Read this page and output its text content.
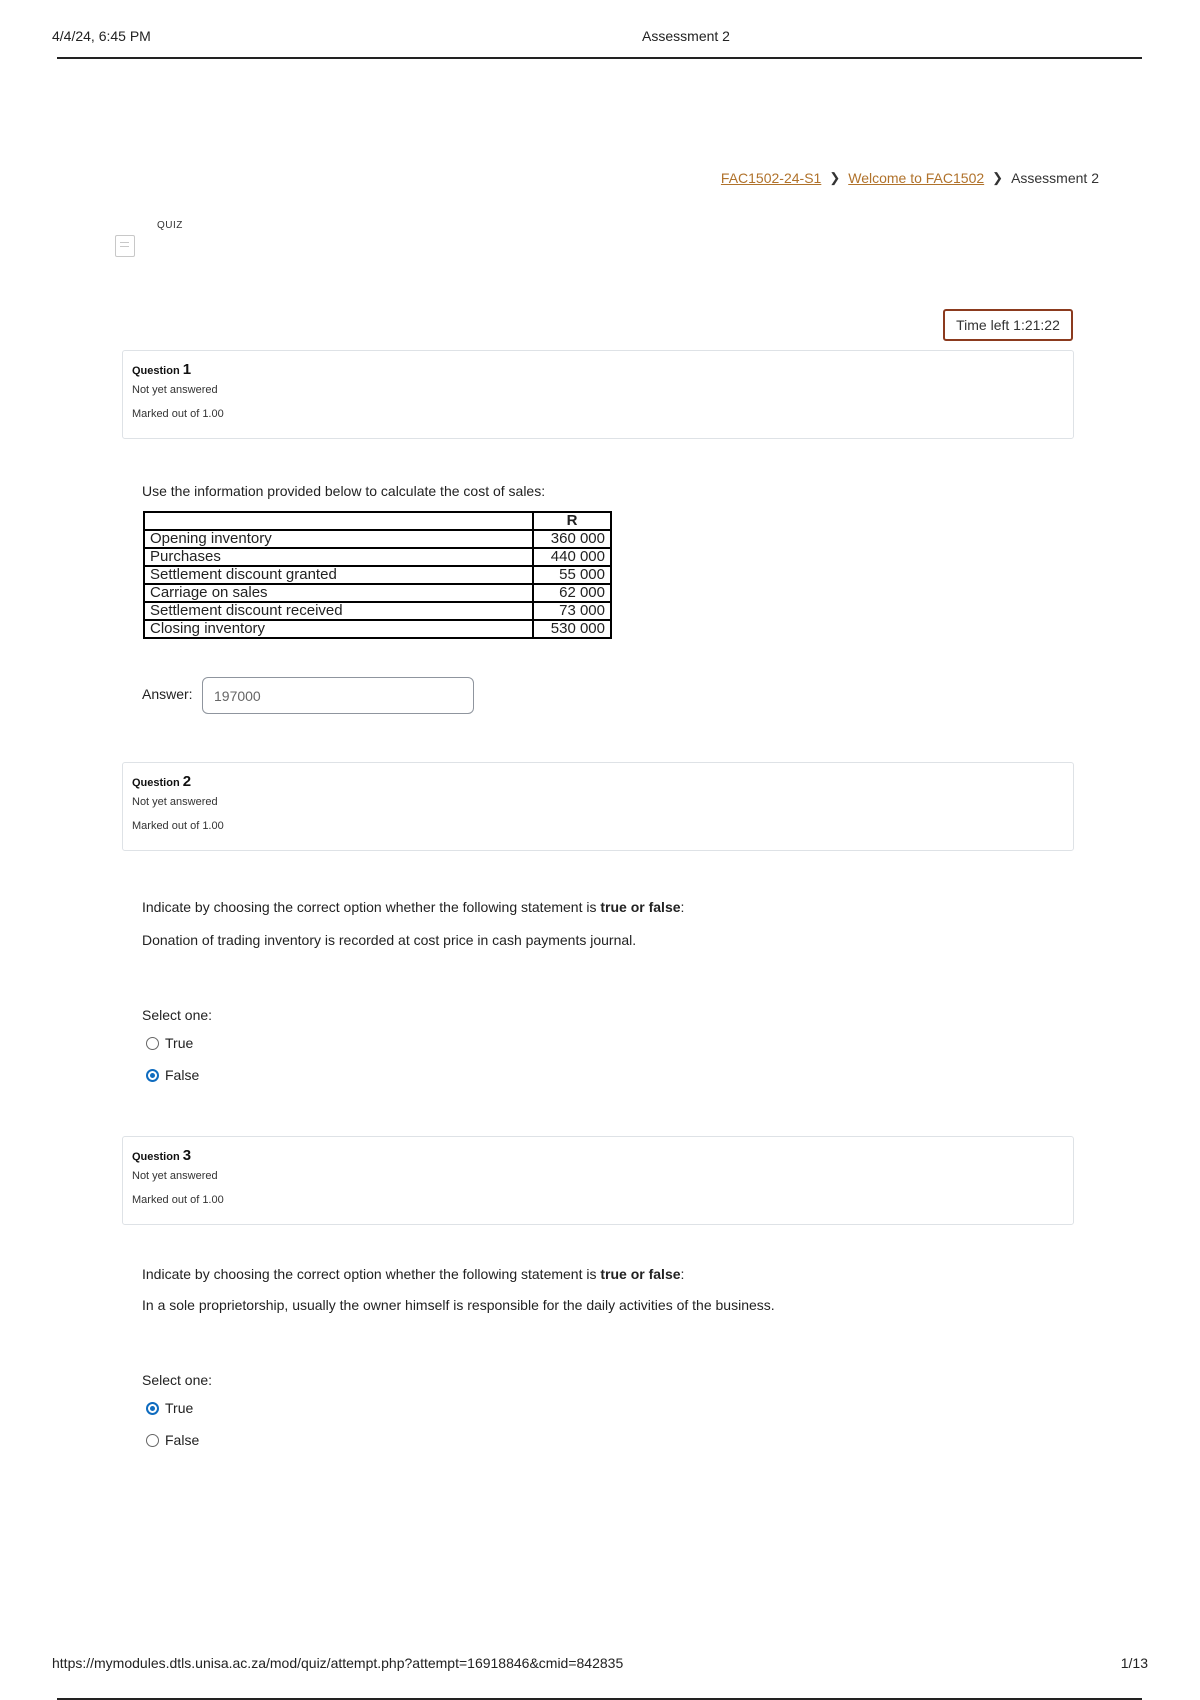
4/4/24, 6:45 PM	Assessment 2
FAC1502-24-S1 ❯ Welcome to FAC1502 ❯ Assessment 2
QUIZ
Time left 1:21:22
Question 1
Not yet answered
Marked out of 1.00
Use the information provided below to calculate the cost of sales:
	R
Opening inventory	360 000
Purchases	440 000
Settlement discount granted	55 000
Carriage on sales	62 000
Settlement discount received	73 000
Closing inventory	530 000
Answer:
197000
Question 2
Not yet answered
Marked out of 1.00
Indicate by choosing the correct option whether the following statement is true or false:
Donation of trading inventory is recorded at cost price in cash payments journal.
Select one:
True
False
Question 3
Not yet answered
Marked out of 1.00
Indicate by choosing the correct option whether the following statement is true or false:
In a sole proprietorship, usually the owner himself is responsible for the daily activities of the business.
Select one:
True
False
https://mymodules.dtls.unisa.ac.za/mod/quiz/attempt.php?attempt=16918846&cmid=842835	1/13
